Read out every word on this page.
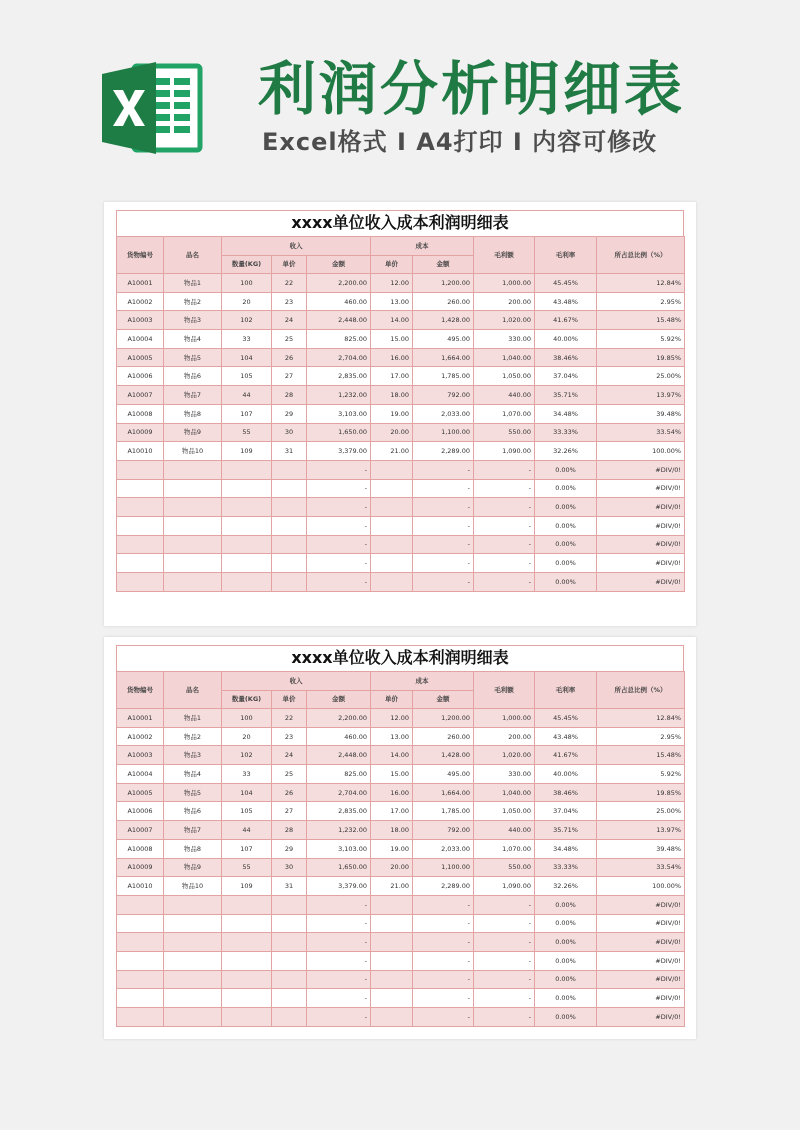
利润分析明细表
Excel格式 I A4打印 I 内容可修改
xxxx单位收入成本利润明细表
货物编号	品名	收入			成本		毛利额	毛利率	所占总比例（%）
		数量(KG)	单价	金额	单价	金额			
A10001	物品1	100	22	2,200.00	12.00	1,200.00	1,000.00	45.45%	12.84%
A10002	物品2	20	23	460.00	13.00	260.00	200.00	43.48%	2.95%
A10003	物品3	102	24	2,448.00	14.00	1,428.00	1,020.00	41.67%	15.48%
A10004	物品4	33	25	825.00	15.00	495.00	330.00	40.00%	5.92%
A10005	物品5	104	26	2,704.00	16.00	1,664.00	1,040.00	38.46%	19.85%
A10006	物品6	105	27	2,835.00	17.00	1,785.00	1,050.00	37.04%	25.00%
A10007	物品7	44	28	1,232.00	18.00	792.00	440.00	35.71%	13.97%
A10008	物品8	107	29	3,103.00	19.00	2,033.00	1,070.00	34.48%	39.48%
A10009	物品9	55	30	1,650.00	20.00	1,100.00	550.00	33.33%	33.54%
A10010	物品10	109	31	3,379.00	21.00	2,289.00	1,090.00	32.26%	100.00%
				-		-	-	0.00%	#DIV/0!
				-		-	-	0.00%	#DIV/0!
				-		-	-	0.00%	#DIV/0!
				-		-	-	0.00%	#DIV/0!
				-		-	-	0.00%	#DIV/0!
				-		-	-	0.00%	#DIV/0!
				-		-	-	0.00%	#DIV/0!
xxxx单位收入成本利润明细表
货物编号	品名	收入			成本		毛利额	毛利率	所占总比例（%）
		数量(KG)	单价	金额	单价	金额			
A10001	物品1	100	22	2,200.00	12.00	1,200.00	1,000.00	45.45%	12.84%
A10002	物品2	20	23	460.00	13.00	260.00	200.00	43.48%	2.95%
A10003	物品3	102	24	2,448.00	14.00	1,428.00	1,020.00	41.67%	15.48%
A10004	物品4	33	25	825.00	15.00	495.00	330.00	40.00%	5.92%
A10005	物品5	104	26	2,704.00	16.00	1,664.00	1,040.00	38.46%	19.85%
A10006	物品6	105	27	2,835.00	17.00	1,785.00	1,050.00	37.04%	25.00%
A10007	物品7	44	28	1,232.00	18.00	792.00	440.00	35.71%	13.97%
A10008	物品8	107	29	3,103.00	19.00	2,033.00	1,070.00	34.48%	39.48%
A10009	物品9	55	30	1,650.00	20.00	1,100.00	550.00	33.33%	33.54%
A10010	物品10	109	31	3,379.00	21.00	2,289.00	1,090.00	32.26%	100.00%
				-		-	-	0.00%	#DIV/0!
				-		-	-	0.00%	#DIV/0!
				-		-	-	0.00%	#DIV/0!
				-		-	-	0.00%	#DIV/0!
				-		-	-	0.00%	#DIV/0!
				-		-	-	0.00%	#DIV/0!
				-		-	-	0.00%	#DIV/0!
